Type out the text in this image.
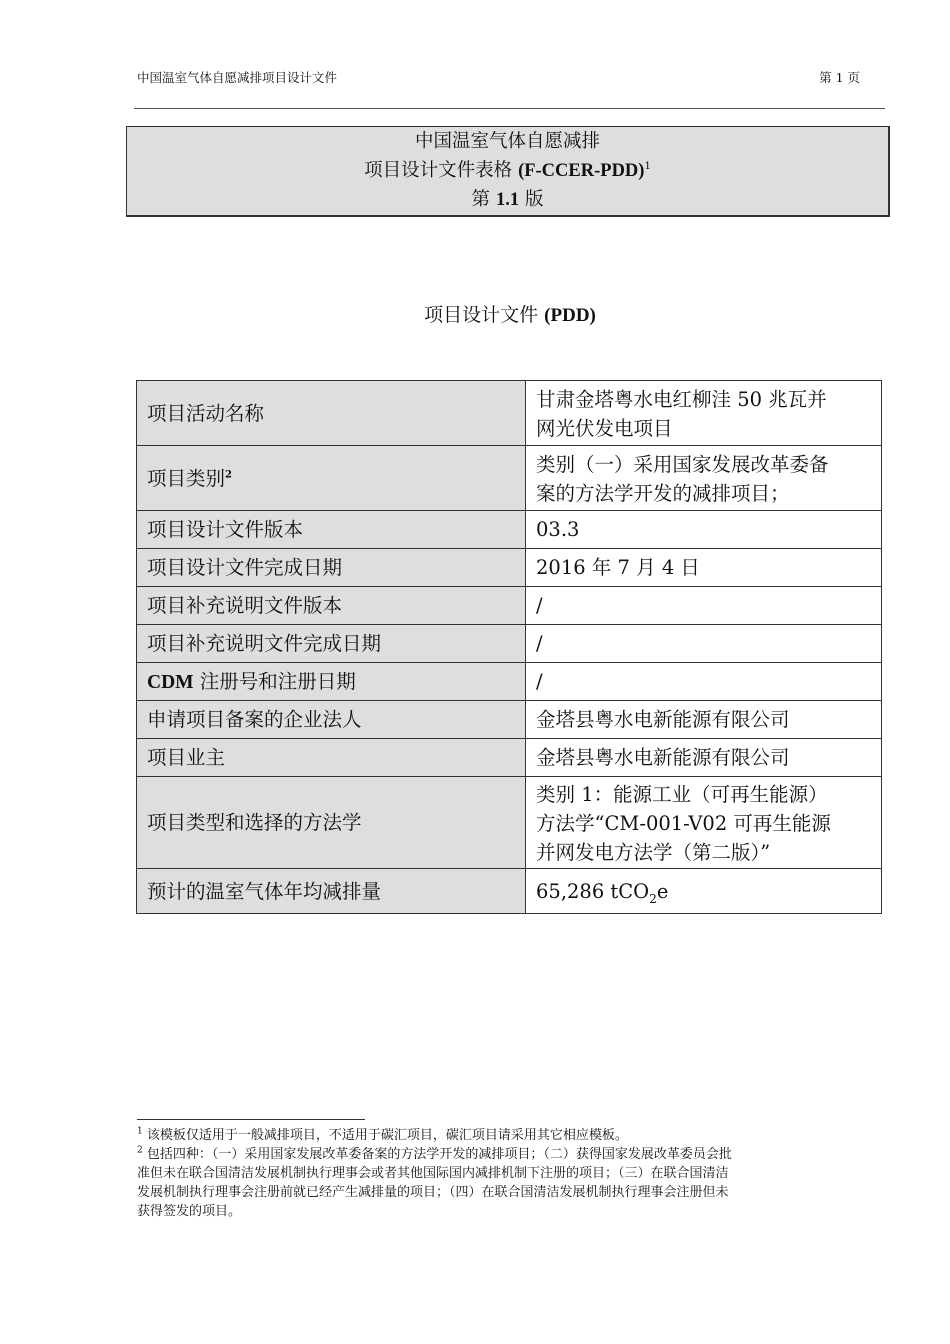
中国温室气体自愿减排项目设计文件	第 1 页
中国温室气体自愿减排
项目设计文件表格 (F-CCER-PDD)$^1$
第 1.1 版
项目设计文件 (PDD)
项目活动名称	甘肃金塔粤水电红柳洼 50 兆瓦并
网光伏发电项目

项目类别$^2$	类别（一）采用国家发展改革委备
案的方法学开发的减排项目；

项目设计文件版本	03.3
项目设计文件完成日期	2016 年 7 月 4 日
项目补充说明文件版本	/
项目补充说明文件完成日期	/
CDM 注册号和注册日期	/
申请项目备案的企业法人	金塔县粤水电新能源有限公司
项目业主	金塔县粤水电新能源有限公司
项目类型和选择的方法学	类别 1：能源工业（可再生能源）
方法学“CM-001-V02 可再生能源
并网发电方法学（第二版）”

预计的温室气体年均减排量	65,286 tCO$_2$e

$^1$ 该模板仅适用于一般减排项目，不适用于碳汇项目，碳汇项目请采用其它相应模板。

$^2$ 包括四种：（一）采用国家发展改革委备案的方法学开发的减排项目；（二）获得国家发展改革委员会批

准但未在联合国清洁发展机制执行理事会或者其他国际国内减排机制下注册的项目；（三）在联合国清洁

发展机制执行理事会注册前就已经产生减排量的项目；（四）在联合国清洁发展机制执行理事会注册但未

获得签发的项目。
